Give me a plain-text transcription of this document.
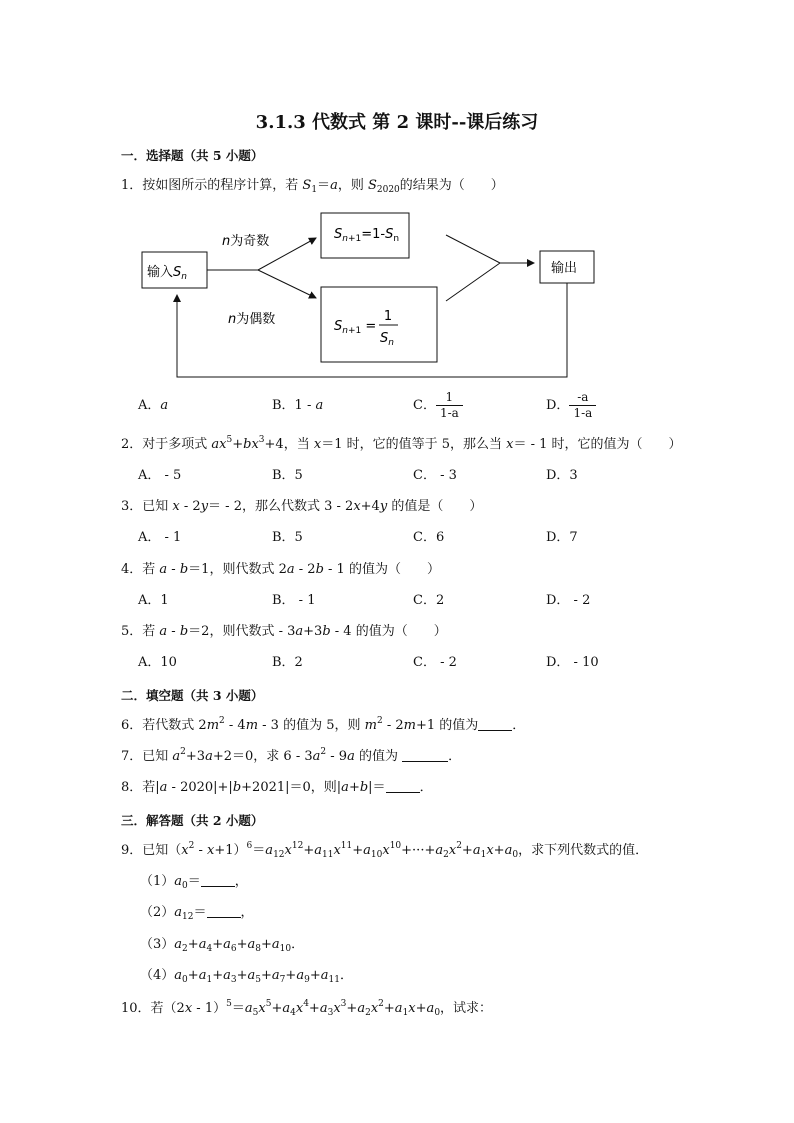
3.1.3 代数式 第 2 课时--课后练习
一．选择题（共 5 小题）
1．按如图所示的程序计算，若 $S_1=a$，则 $S_{2020}$的结果为（　　）
输入$S_n$
n为奇数
n为偶数
$S_n+1=1-S_n$
$S_n+1$ =
1
$S_n$
输出
A．a	B．1 - a	C． $\frac{1}{1-a}$	D． $\frac{-a}{1-a}$
2．对于多项式 $ax^5+bx^3+4$，当 x＝1 时，它的值等于 5，那么当 x＝ - 1 时，它的值为（　　）
A． - 5	B．5	C． - 3	D．3
3．已知 x - 2y＝ - 2，那么代数式 3 - 2x+4y 的值是（　　）
A． - 1	B．5	C．6	D．7
4．若 a - b＝1，则代数式 2a - 2b - 1 的值为（　　）
A．1	B． - 1	C．2	D． - 2
5．若 a - b＝2，则代数式 - 3a+3b - 4 的值为（　　）
A．10	B．2	C． - 2	D． - 10
二．填空题（共 3 小题）
6．若代数式 $2m^2 - 4m - 3$ 的值为 5，则 $m^2 - 2m+1$ 的值为	．
7．已知 $a^2+3a+2=0$，求 $6 - 3a^2 - 9a$ 的值为	．
8．若|a - 2020|+|b+2021|＝0，则|a+b|＝	．
三．解答题（共 2 小题）
9．已知$(x^2 - x+1)^6=a_{12}x^{12}+a_{11}x^{11}+a_{10}x^{10}+\cdot\cdot\cdot+a_2x^2+a_1x+a_0$，求下列代数式的值．
$(1)a_0=$	，
$(2)a_{12}=$	，
$(3)a_2+a_4+a_6+a_8+a_{10}$．
$(4)a_0+a_1+a_3+a_5+a_7+a_9+a_{11}$．
10．若$(2x - 1)^5=a_5x^5+a_4x^4+a_3x^3+a_2x^2+a_1x+a_0$，试求：
